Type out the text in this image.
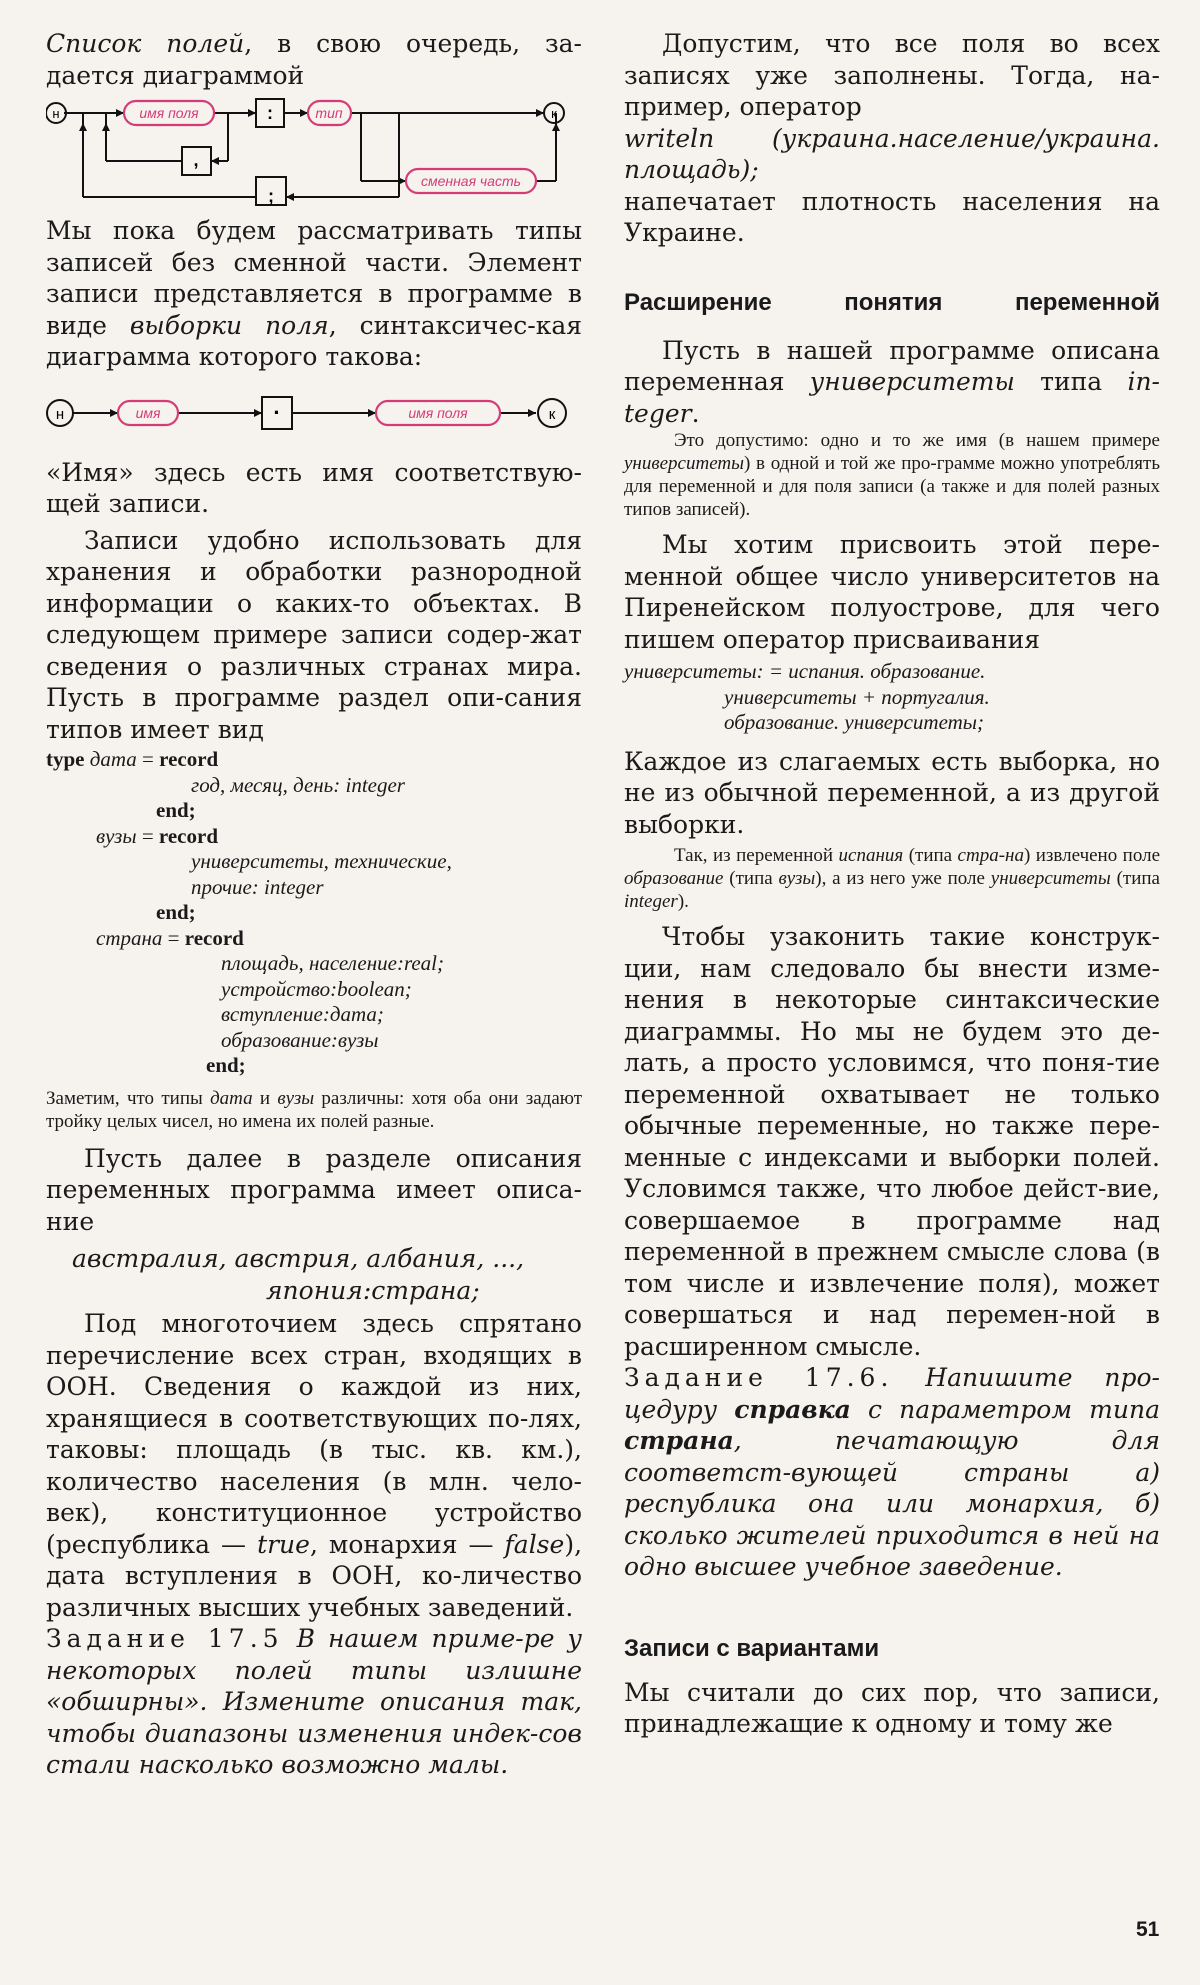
Список полей, в свою очередь, за-дается диаграммой

н	к
имя поля	:	тип
,
;
сменная часть

Мы пока будем рассматривать типы записей без сменной части. Элемент записи представляется в программе в виде выборки поля, синтаксичес-кая диаграмма которого такова:

н	имя	·	имя поля	к

«Имя» здесь есть имя соответствую-щей записи.

Записи удобно использовать для хранения и обработки разнородной информации о каких-то объектах. В следующем примере записи содер-жат сведения о различных странах мира. Пусть в программе раздел опи-сания типов имеет вид

type дата = record
год, месяц, день: integer
end;
вузы = record
университеты, технические,
прочие: integer
end;
страна = record
площадь, население:real;
устройство:boolean;
вступление:дата;
образование:вузы
end;

Заметим, что типы дата и вузы различны: хотя оба они задают тройку целых чисел, но имена их полей разные.

Пусть далее в разделе описания переменных программа имеет описа-ние

австралия, австрия, албания, ...,
япония:страна;

Под многоточием здесь спрятано перечисление всех стран, входящих в ООН. Сведения о каждой из них, хранящиеся в соответствующих по-лях, таковы: площадь (в тыс. кв. км.), количество населения (в млн. чело-век), конституционное устройство (республика — true, монархия — false), дата вступления в ООН, ко-личество различных высших учебных заведений.

Задание 17.5 В нашем приме-ре у некоторых полей типы излишне «обширны». Измените описания так, чтобы диапазоны изменения индек-сов стали насколько возможно малы.

Допустим, что все поля во всех записях уже заполнены. Тогда, на-пример, оператор

writeln (украина.население/украина. площадь);

напечатает плотность населения на Украине.

Расширение	понятия	переменной

Пусть в нашей программе описана переменная университеты типа in-teger.

Это допустимо: одно и то же имя (в нашем примере университеты) в одной и той же про-грамме можно употреблять для переменной и для поля записи (а также и для полей разных типов записей).

Мы хотим присвоить этой пере-менной общее число университетов на Пиренейском полуострове, для чего пишем оператор присваивания

университеты: = испания. образование.
университеты + португалия.
образование. университеты;

Каждое из слагаемых есть выборка, но не из обычной переменной, а из другой выборки.

Так, из переменной испания (типа стра-на) извлечено поле образование (типа вузы), а из него уже поле университеты (типа integer).

Чтобы узаконить такие конструк-ции, нам следовало бы внести изме-нения в некоторые синтаксические диаграммы. Но мы не будем это де-лать, а просто условимся, что поня-тие переменной охватывает не только обычные переменные, но также пере-менные с индексами и выборки полей. Условимся также, что любое дейст-вие, совершаемое в программе над переменной в прежнем смысле слова (в том числе и извлечение поля), может совершаться и над перемен-ной в расширенном смысле.

Задание 17.6. Напишите про-цедуру справка с параметром типа страна, печатающую для соответст-вующей страны а) республика она или монархия, б) сколько жителей приходится в ней на одно высшее учебное заведение.

Записи с вариантами

Мы считали до сих пор, что записи, принадлежащие к одному и тому же

51
